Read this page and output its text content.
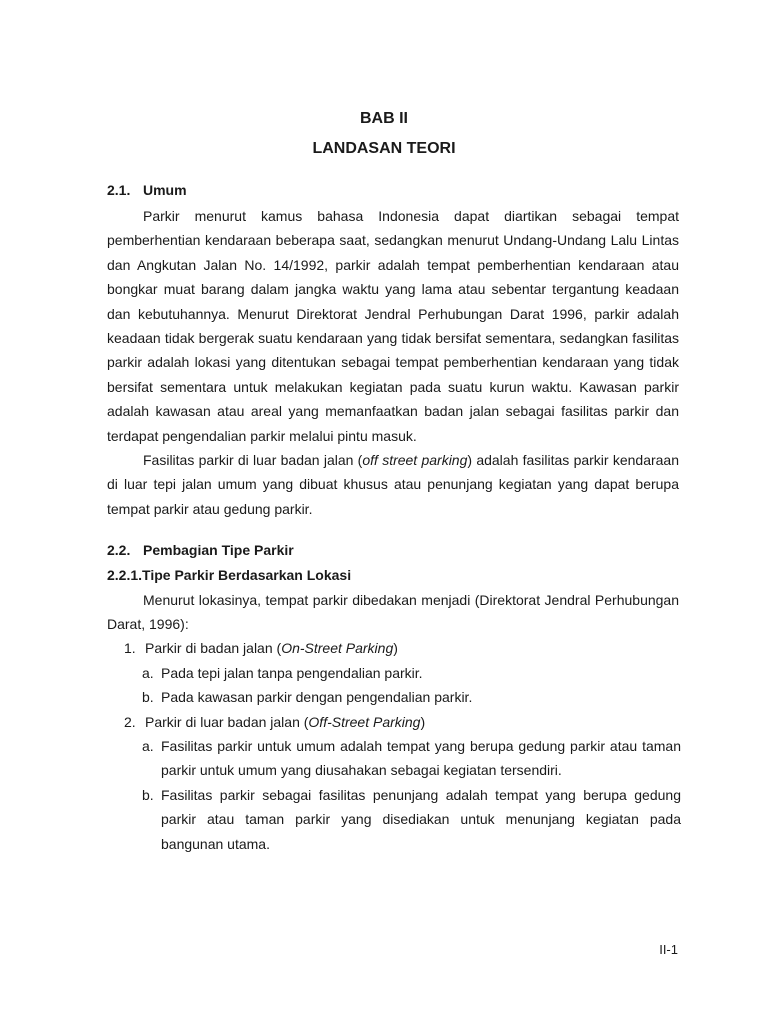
BAB II
LANDASAN TEORI
2.1. Umum

Parkir menurut kamus bahasa Indonesia dapat diartikan sebagai tempat pemberhentian kendaraan beberapa saat, sedangkan menurut Undang-Undang Lalu Lintas dan Angkutan Jalan No. 14/1992, parkir adalah tempat pemberhentian kendaraan atau bongkar muat barang dalam jangka waktu yang lama atau sebentar tergantung keadaan dan kebutuhannya. Menurut Direktorat Jendral Perhubungan Darat 1996, parkir adalah keadaan tidak bergerak suatu kendaraan yang tidak bersifat sementara, sedangkan fasilitas parkir adalah lokasi yang ditentukan sebagai tempat pemberhentian kendaraan yang tidak bersifat sementara untuk melakukan kegiatan pada suatu kurun waktu. Kawasan parkir adalah kawasan atau areal yang memanfaatkan badan jalan sebagai fasilitas parkir dan terdapat pengendalian parkir melalui pintu masuk.

Fasilitas parkir di luar badan jalan (off street parking) adalah fasilitas parkir kendaraan di luar tepi jalan umum yang dibuat khusus atau penunjang kegiatan yang dapat berupa tempat parkir atau gedung parkir.

2.2. Pembagian Tipe Parkir
2.2.1.Tipe Parkir Berdasarkan Lokasi

Menurut lokasinya, tempat parkir dibedakan menjadi (Direktorat Jendral Perhubungan Darat, 1996):

1. Parkir di badan jalan (On-Street Parking)
a. Pada tepi jalan tanpa pengendalian parkir.
b. Pada kawasan parkir dengan pengendalian parkir.
2. Parkir di luar badan jalan (Off-Street Parking)
a. Fasilitas parkir untuk umum adalah tempat yang berupa gedung parkir atau taman parkir untuk umum yang diusahakan sebagai kegiatan tersendiri.

b. Fasilitas parkir sebagai fasilitas penunjang adalah tempat yang berupa gedung parkir atau taman parkir yang disediakan untuk menunjang kegiatan pada bangunan utama.

II-1
